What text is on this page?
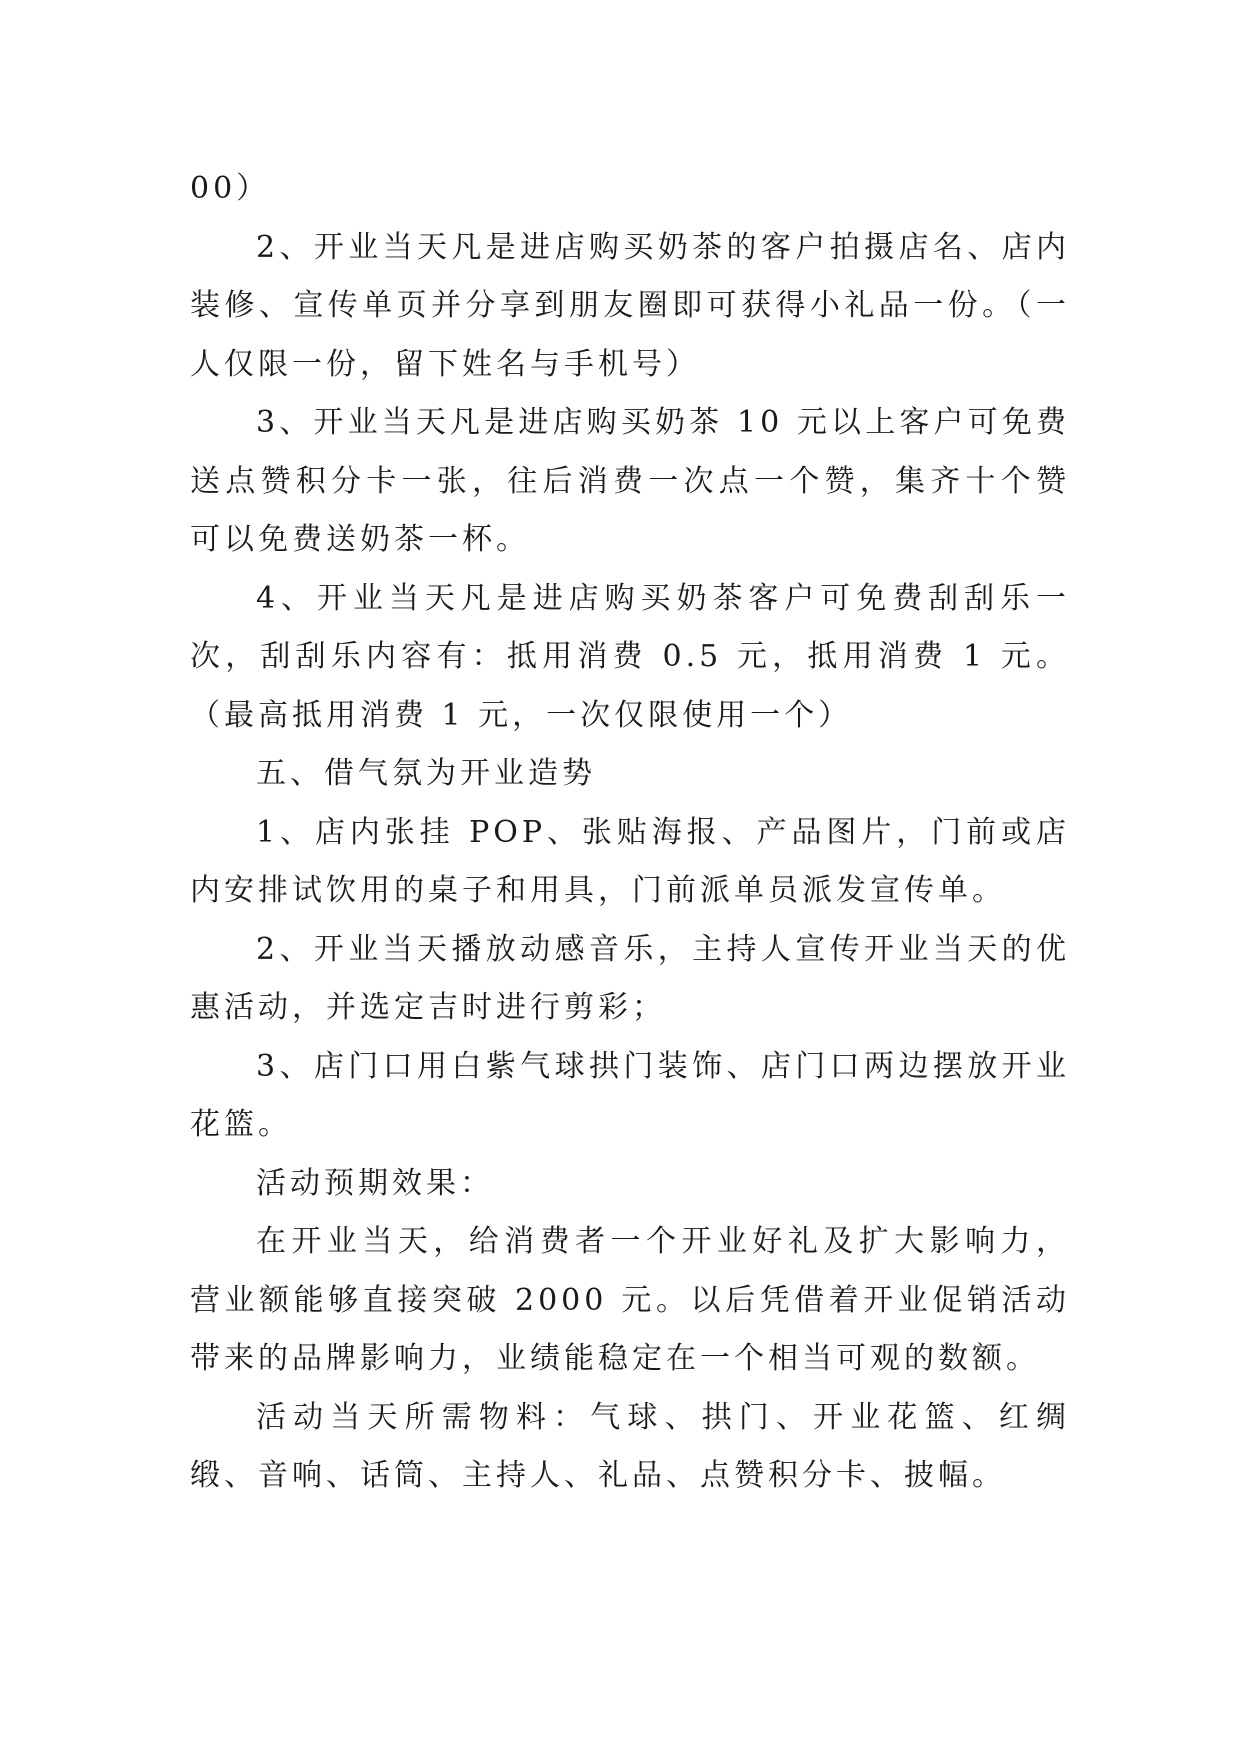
00）

2、开业当天凡是进店购买奶茶的客户拍摄店名、店内装修、宣传单页并分享到朋友圈即可获得小礼品一份。（一人仅限一份，留下姓名与手机号）

3、开业当天凡是进店购买奶茶 10 元以上客户可免费送点赞积分卡一张，往后消费一次点一个赞，集齐十个赞可以免费送奶茶一杯。

4、开业当天凡是进店购买奶茶客户可免费刮刮乐一次，刮刮乐内容有：抵用消费 0.5 元，抵用消费 1 元。（最高抵用消费 1 元，一次仅限使用一个）

五、借气氛为开业造势

1、店内张挂 POP、张贴海报、产品图片，门前或店内安排试饮用的桌子和用具，门前派单员派发宣传单。

2、开业当天播放动感音乐，主持人宣传开业当天的优惠活动，并选定吉时进行剪彩；

3、店门口用白紫气球拱门装饰、店门口两边摆放开业花篮。

活动预期效果：

在开业当天，给消费者一个开业好礼及扩大影响力，营业额能够直接突破 2000 元。以后凭借着开业促销活动带来的品牌影响力，业绩能稳定在一个相当可观的数额。

活动当天所需物料：气球、拱门、开业花篮、红绸缎、音响、话筒、主持人、礼品、点赞积分卡、披幅。
